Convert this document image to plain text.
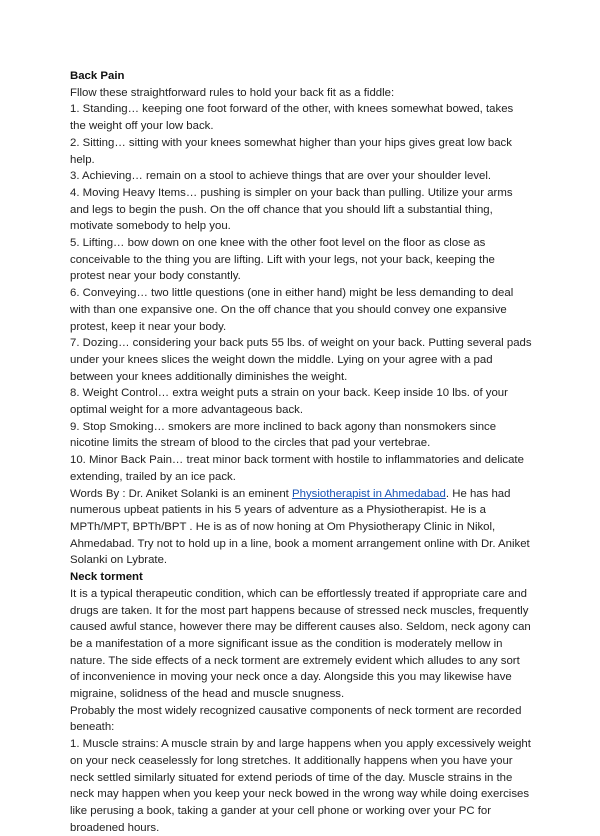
Back Pain

Fllow these straightforward rules to hold your back fit as a fiddle:

1. Standing… keeping one foot forward of the other, with knees somewhat bowed, takes the weight off your low back.

2. Sitting… sitting with your knees somewhat higher than your hips gives great low back help.

3. Achieving… remain on a stool to achieve things that are over your shoulder level.

4. Moving Heavy Items… pushing is simpler on your back than pulling. Utilize your arms and legs to begin the push. On the off chance that you should lift a substantial thing, motivate somebody to help you.

5. Lifting… bow down on one knee with the other foot level on the floor as close as conceivable to the thing you are lifting. Lift with your legs, not your back, keeping the protest near your body constantly.

6. Conveying… two little questions (one in either hand) might be less demanding to deal with than one expansive one. On the off chance that you should convey one expansive protest, keep it near your body.

7. Dozing… considering your back puts 55 lbs. of weight on your back. Putting several pads under your knees slices the weight down the middle. Lying on your agree with a pad between your knees additionally diminishes the weight.

8. Weight Control… extra weight puts a strain on your back. Keep inside 10 lbs. of your optimal weight for a more advantageous back.

9. Stop Smoking… smokers are more inclined to back agony than nonsmokers since nicotine limits the stream of blood to the circles that pad your vertebrae.

10. Minor Back Pain… treat minor back torment with hostile to inflammatories and delicate extending, trailed by an ice pack.

Words By : Dr. Aniket Solanki is an eminent Physiotherapist in Ahmedabad. He has had numerous upbeat patients in his 5 years of adventure as a Physiotherapist. He is a MPTh/MPT, BPTh/BPT . He is as of now honing at Om Physiotherapy Clinic in Nikol, Ahmedabad. Try not to hold up in a line, book a moment arrangement online with Dr. Aniket Solanki on Lybrate.

Neck torment

It is a typical therapeutic condition, which can be effortlessly treated if appropriate care and drugs are taken. It for the most part happens because of stressed neck muscles, frequently caused awful stance, however there may be different causes also. Seldom, neck agony can be a manifestation of a more significant issue as the condition is moderately mellow in nature. The side effects of a neck torment are extremely evident which alludes to any sort of inconvenience in moving your neck once a day. Alongside this you may likewise have migraine, solidness of the head and muscle snugness.

Probably the most widely recognized causative components of neck torment are recorded beneath:

1. Muscle strains: A muscle strain by and large happens when you apply excessively weight on your neck ceaselessly for long stretches. It additionally happens when you have your neck settled similarly situated for extend periods of time of the day. Muscle strains in the neck may happen when you keep your neck bowed in the wrong way while doing exercises like perusing a book, taking a gander at your cell phone or working over your PC for broadened hours.
